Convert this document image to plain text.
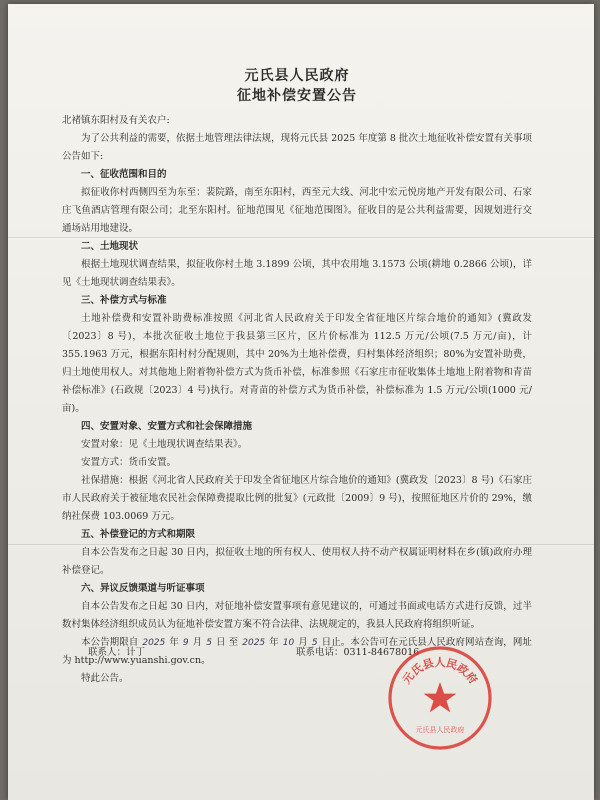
元氏县人民政府

征地补偿安置公告

北褚镇东阳村及有关农户:

为了公共利益的需要，依据土地管理法律法规，现将元氏县 2025 年度第 8 批次土地征收补偿安置有关事项公告如下:

一、征收范围和目的

拟征收你村西侧四至为东至：裴院路，南至东阳村，西至元大线、河北中宏元悦房地产开发有限公司、石家庄飞鱼酒店管理有限公司；北至东阳村。征地范围见《征地范围图》。征收目的是公共利益需要，因规划进行交通场站用地建设。

二、土地现状

根据土地现状调查结果，拟征收你村土地 3.1899 公顷，其中农用地 3.1573 公顷(耕地 0.2866 公顷)，详见《土地现状调查结果表》。

三、补偿方式与标准

土地补偿费和安置补助费标准按照《河北省人民政府关于印发全省征地区片综合地价的通知》(冀政发〔2023〕8 号)，本批次征收土地位于我县第三区片，区片价标准为 112.5 万元/公顷(7.5 万元/亩)，计 355.1963 万元，根据东阳村村分配规则，其中 20%为土地补偿费，归村集体经济组织；80%为安置补助费，归土地使用权人。对其他地上附着物补偿方式为货币补偿，标准参照《石家庄市征收集体土地地上附着物和青苗补偿标准》(石政规〔2023〕4 号)执行。对青苗的补偿方式为货币补偿，补偿标准为 1.5 万元/公顷(1000 元/亩)。

四、安置对象、安置方式和社会保障措施

安置对象：见《土地现状调查结果表》。

安置方式：货币安置。

社保措施：根据《河北省人民政府关于印发全省征地区片综合地价的通知》(冀政发〔2023〕8 号)《石家庄市人民政府关于被征地农民社会保障费提取比例的批复》(元政批〔2009〕9 号)，按照征地区片价的 29%，缴纳社保费 103.0069 万元。

五、补偿登记的方式和期限

自本公告发布之日起 30 日内，拟征收土地的所有权人、使用权人持不动产权属证明材料在乡(镇)政府办理补偿登记。

六、异议反馈渠道与听证事项

自本公告发布之日起 30 日内，对征地补偿安置事项有意见建议的，可通过书面或电话方式进行反馈，过半数村集体经济组织成员认为征地补偿安置方案不符合法律、法规规定的，我县人民政府将组织听证。

本公告期限自 2025 年 9 月 5 日 至 2025 年 10 月 5 日止。本公告可在元氏县人民政府网站查询，网址为 http://www.yuanshi.gov.cn。

特此公告。

联系人：计丁	联系电话：0311-84678016
元氏县人民政府
元氏县人民政府
